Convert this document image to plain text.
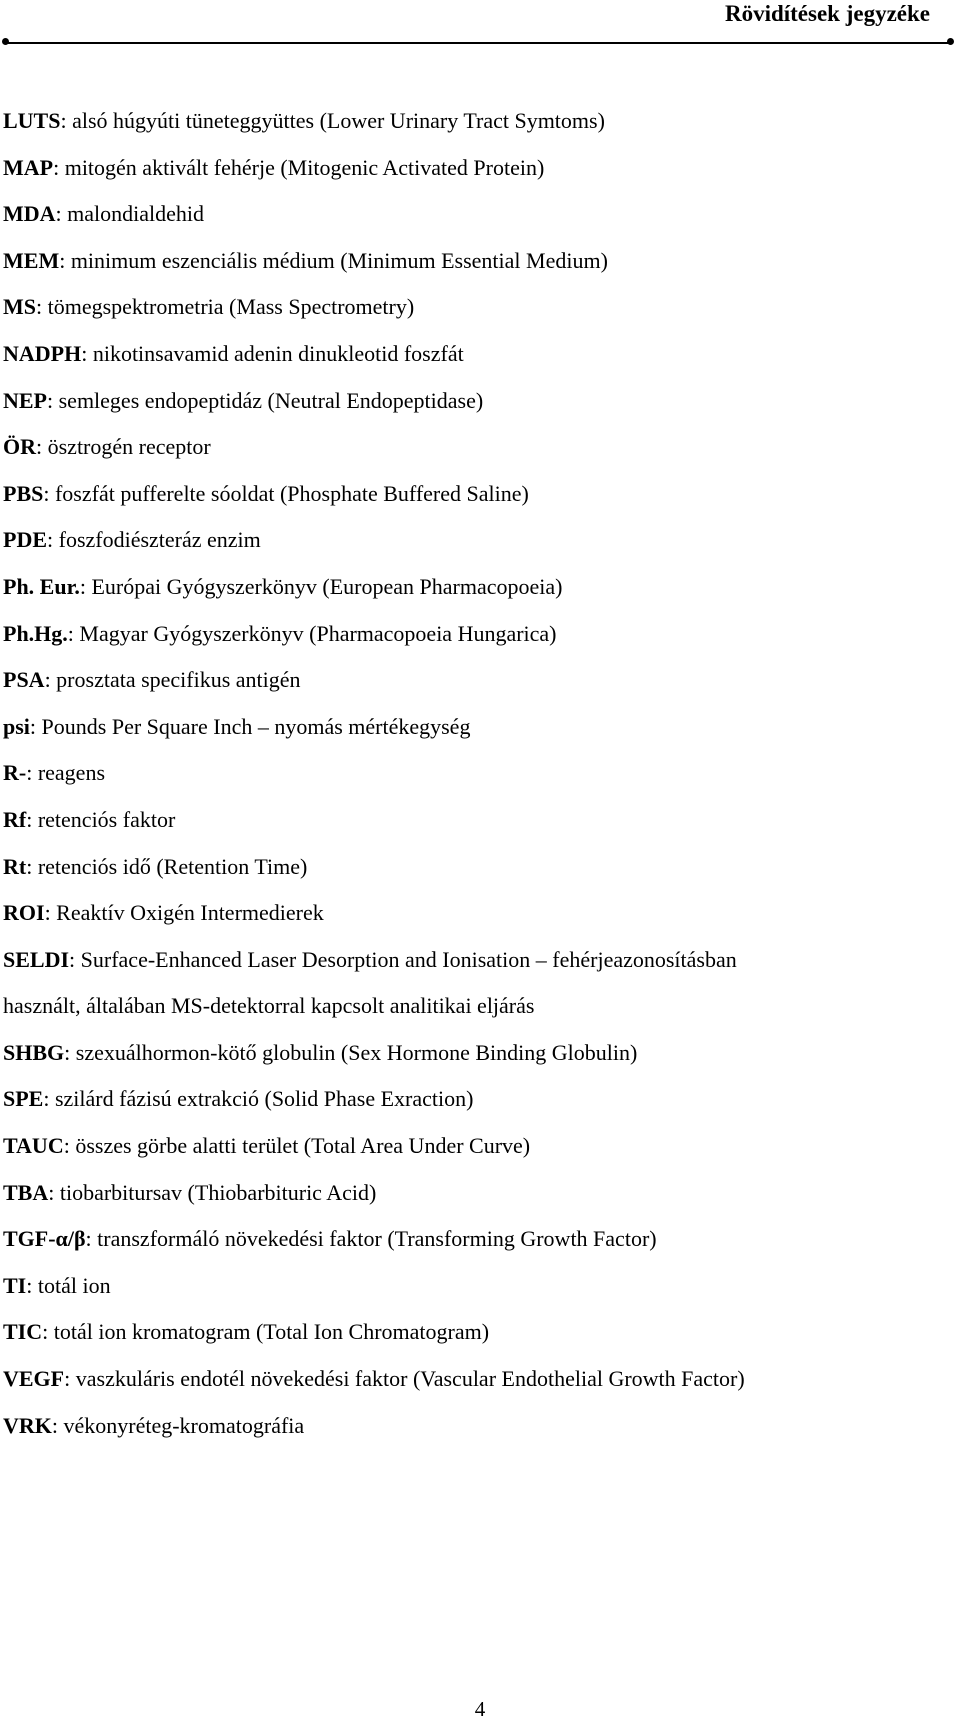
Rövidítések jegyzéke
LUTS: alsó húgyúti tüneteggyüttes (Lower Urinary Tract Symtoms)
MAP: mitogén aktivált fehérje (Mitogenic Activated Protein)
MDA: malondialdehid
MEM: minimum eszenciális médium (Minimum Essential Medium)
MS: tömegspektrometria (Mass Spectrometry)
NADPH: nikotinsavamid adenin dinukleotid foszfát
NEP: semleges endopeptidáz (Neutral Endopeptidase)
ÖR: ösztrogén receptor
PBS: foszfát pufferelte sóoldat (Phosphate Buffered Saline)
PDE: foszfodiészteráz enzim
Ph. Eur.: Európai Gyógyszerkönyv (European Pharmacopoeia)
Ph.Hg.: Magyar Gyógyszerkönyv (Pharmacopoeia Hungarica)
PSA: prosztata specifikus antigén
psi: Pounds Per Square Inch – nyomás mértékegység
R-: reagens
Rf: retenciós faktor
Rt: retenciós idő (Retention Time)
ROI: Reaktív Oxigén Intermedierek
SELDI: Surface-Enhanced Laser Desorption and Ionisation – fehérjeazonosításban
használt, általában MS-detektorral kapcsolt analitikai eljárás
SHBG: szexuálhormon-kötő globulin (Sex Hormone Binding Globulin)
SPE: szilárd fázisú extrakció (Solid Phase Exraction)
TAUC: összes görbe alatti terület (Total Area Under Curve)
TBA: tiobarbitursav (Thiobarbituric Acid)
TGF-α/β: transzformáló növekedési faktor (Transforming Growth Factor)
TI: totál ion
TIC: totál ion kromatogram (Total Ion Chromatogram)
VEGF: vaszkuláris endotél növekedési faktor (Vascular Endothelial Growth Factor)
VRK: vékonyréteg-kromatográfia
4
